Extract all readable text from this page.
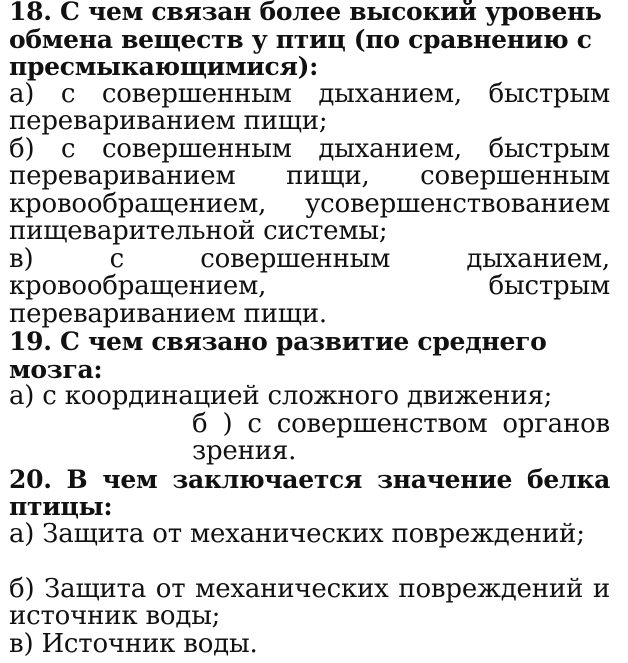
18. С чем связан более высокий уровень обмена веществ у птиц (по сравнению с пресмыкающимися):

а) с совершенным дыханием, быстрым перевариванием пищи;

б) с совершенным дыханием, быстрым перевариванием пищи, совершенным кровообращением, усовершенствованием пищеварительной системы;

в) с совершенным дыханием, кровообращением, быстрым перевариванием пищи.

19. С чем связано развитие среднего мозга:

а) с координацией сложного движения;

б ) с совершенством органов зрения.

20. В чем заключается значение белка птицы:

а) Защита от механических повреждений;

б) Защита от механических повреждений и источник воды;

в) Источник воды.
